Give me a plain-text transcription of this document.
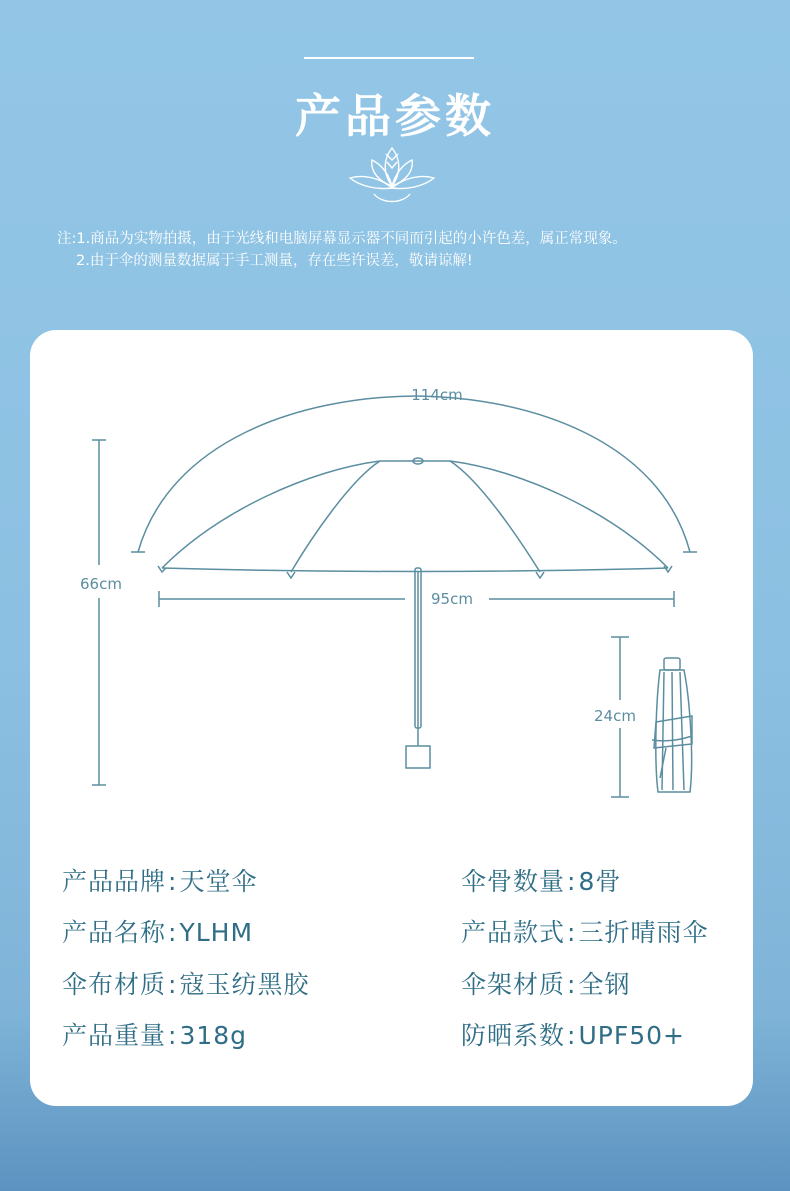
产品参数
注:1.商品为实物拍摄，由于光线和电脑屏幕显示器不同而引起的小许色差，属正常现象。
2.由于伞的测量数据属于手工测量，存在些许误差，敬请谅解!
114cm
66cm
95cm
24cm
产品品牌:天堂伞	伞骨数量:8骨
产品名称:YLHM	产品款式:三折晴雨伞
伞布材质:寇玉纺黑胶	伞架材质:全钢
产品重量:318g	防晒系数:UPF50+
